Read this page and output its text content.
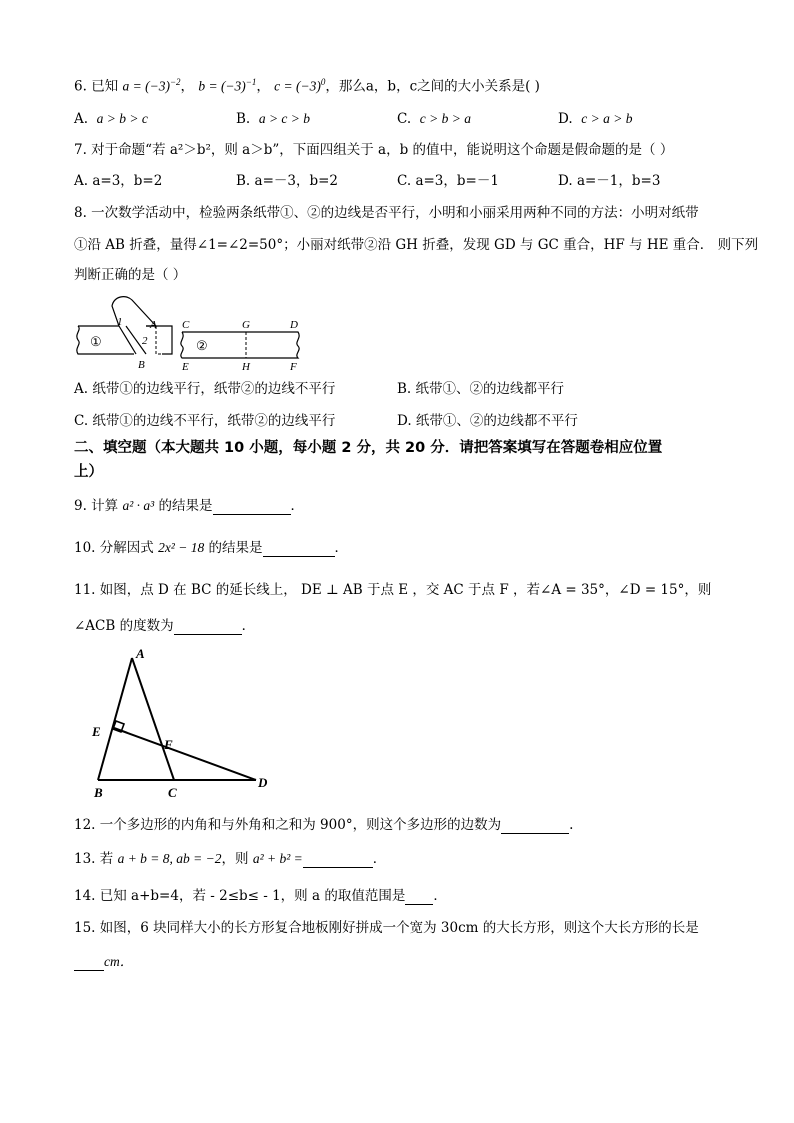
6. 已知 $a = (-3)^{-2}$， $b = (-3)^{-1}$， $c = (-3)^0$，那么a，b，c之间的大小关系是( )
A. a > b > c	B. a > c > b	C. c > b > a	D. c > a > b
7. 对于命题“若 a²＞b²，则 a＞b”，下面四组关于 a，b 的值中，能说明这个命题是假命题的是（ ）
A. a=3，b=2	B. a=－3，b=2	C. a=3，b=－1	D. a=－1，b=3
8. 一次数学活动中，检验两条纸带①、②的边线是否平行，小明和小丽采用两种不同的方法：小明对纸带
①沿 AB 折叠，量得∠1=∠2=50°；小丽对纸带②沿 GH 折叠，发现 GD 与 GC 重合，HF 与 HE 重合． 则下列
判断正确的是（ ）
1	A
2
B
①
C	G	D
②
E	H	F
A. 纸带①的边线平行，纸带②的边线不平行	B. 纸带①、②的边线都平行
C. 纸带①的边线不平行，纸带②的边线平行	D. 纸带①、②的边线都不平行
二、填空题（本大题共 10 小题，每小题 2 分，共 20 分．请把答案填写在答题卷相应位置
上）
9. 计算 a² · a³ 的结果是	．
10. 分解因式 2x² − 18 的结果是	．
11. 如图，点 D 在 BC 的延长线上， DE ⊥ AB 于点 E ，交 AC 于点 F ，若∠A = 35°，∠D = 15°，则
∠ACB 的度数为	．
A
E
F
B	C
D
12. 一个多边形的内角和与外角和之和为 900°，则这个多边形的边数为	.
13. 若 a + b = 8, ab = −2，则 a² + b² =	．
14. 已知 a+b=4，若 - 2≤b≤ - 1，则 a 的取值范围是 ．
15. 如图，6 块同样大小的长方形复合地板刚好拼成一个宽为 30cm 的大长方形，则这个大长方形的长是
cm．
